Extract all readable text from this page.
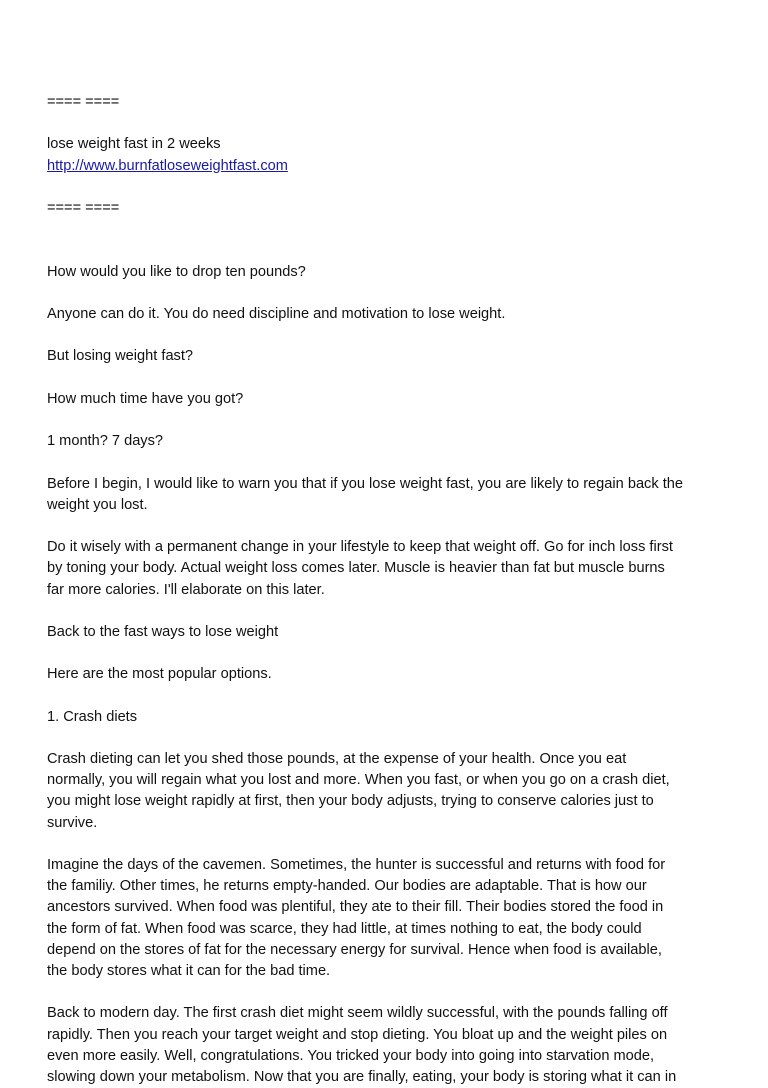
==== ====

lose weight fast in 2 weeks

http://www.burnfatloseweightfast.com

==== ====

How would you like to drop ten pounds?

Anyone can do it. You do need discipline and motivation to lose weight.

But losing weight fast?

How much time have you got?

1 month? 7 days?

Before I begin, I would like to warn you that if you lose weight fast, you are likely to regain back the

weight you lost.

Do it wisely with a permanent change in your lifestyle to keep that weight off. Go for inch loss first

by toning your body. Actual weight loss comes later. Muscle is heavier than fat but muscle burns

far more calories. I'll elaborate on this later.

Back to the fast ways to lose weight

Here are the most popular options.

1. Crash diets

Crash dieting can let you shed those pounds, at the expense of your health. Once you eat

normally, you will regain what you lost and more. When you fast, or when you go on a crash diet,

you might lose weight rapidly at first, then your body adjusts, trying to conserve calories just to

survive.

Imagine the days of the cavemen. Sometimes, the hunter is successful and returns with food for

the familiy. Other times, he returns empty-handed. Our bodies are adaptable. That is how our

ancestors survived. When food was plentiful, they ate to their fill. Their bodies stored the food in

the form of fat. When food was scarce, they had little, at times nothing to eat, the body could

depend on the stores of fat for the necessary energy for survival. Hence when food is available,

the body stores what it can for the bad time.

Back to modern day. The first crash diet might seem wildly successful, with the pounds falling off

rapidly. Then you reach your target weight and stop dieting. You bloat up and the weight piles on

even more easily. Well, congratulations. You tricked your body into going into starvation mode,

slowing down your metabolism. Now that you are finally, eating, your body is storing what it can in
